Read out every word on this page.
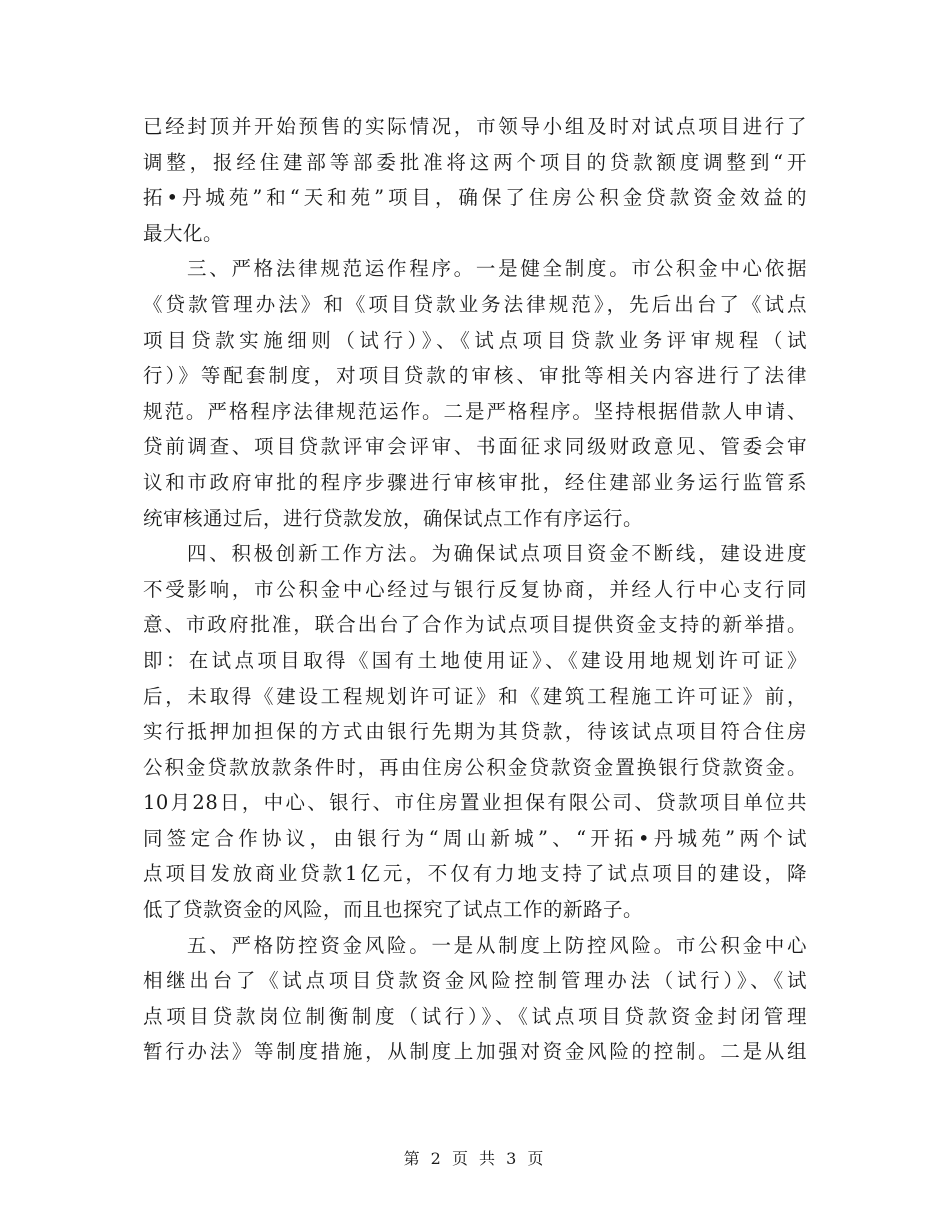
已经封顶并开始预售的实际情况，市领导小组及时对试点项目进行了
调整，报经住建部等部委批准将这两个项目的贷款额度调整到“开
拓•丹城苑”和“天和苑”项目，确保了住房公积金贷款资金效益的
最大化。
三、严格法律规范运作程序。一是健全制度。市公积金中心依据
《贷款管理办法》和《项目贷款业务法律规范》，先后出台了《试点
项目贷款实施细则（试行）》、《试点项目贷款业务评审规程（试
行）》等配套制度，对项目贷款的审核、审批等相关内容进行了法律
规范。严格程序法律规范运作。二是严格程序。坚持根据借款人申请、
贷前调查、项目贷款评审会评审、书面征求同级财政意见、管委会审
议和市政府审批的程序步骤进行审核审批，经住建部业务运行监管系
统审核通过后，进行贷款发放，确保试点工作有序运行。
四、积极创新工作方法。为确保试点项目资金不断线，建设进度
不受影响，市公积金中心经过与银行反复协商，并经人行中心支行同
意、市政府批准，联合出台了合作为试点项目提供资金支持的新举措。
即：在试点项目取得《国有土地使用证》、《建设用地规划许可证》
后，未取得《建设工程规划许可证》和《建筑工程施工许可证》前，
实行抵押加担保的方式由银行先期为其贷款，待该试点项目符合住房
公积金贷款放款条件时，再由住房公积金贷款资金置换银行贷款资金。
10月28日，中心、银行、市住房置业担保有限公司、贷款项目单位共
同签定合作协议，由银行为“周山新城”、“开拓•丹城苑”两个试
点项目发放商业贷款1亿元，不仅有力地支持了试点项目的建设，降
低了贷款资金的风险，而且也探究了试点工作的新路子。
五、严格防控资金风险。一是从制度上防控风险。市公积金中心
相继出台了《试点项目贷款资金风险控制管理办法（试行）》、《试
点项目贷款岗位制衡制度（试行）》、《试点项目贷款资金封闭管理
暂行办法》等制度措施，从制度上加强对资金风险的控制。二是从组
第 2 页 共 3 页
